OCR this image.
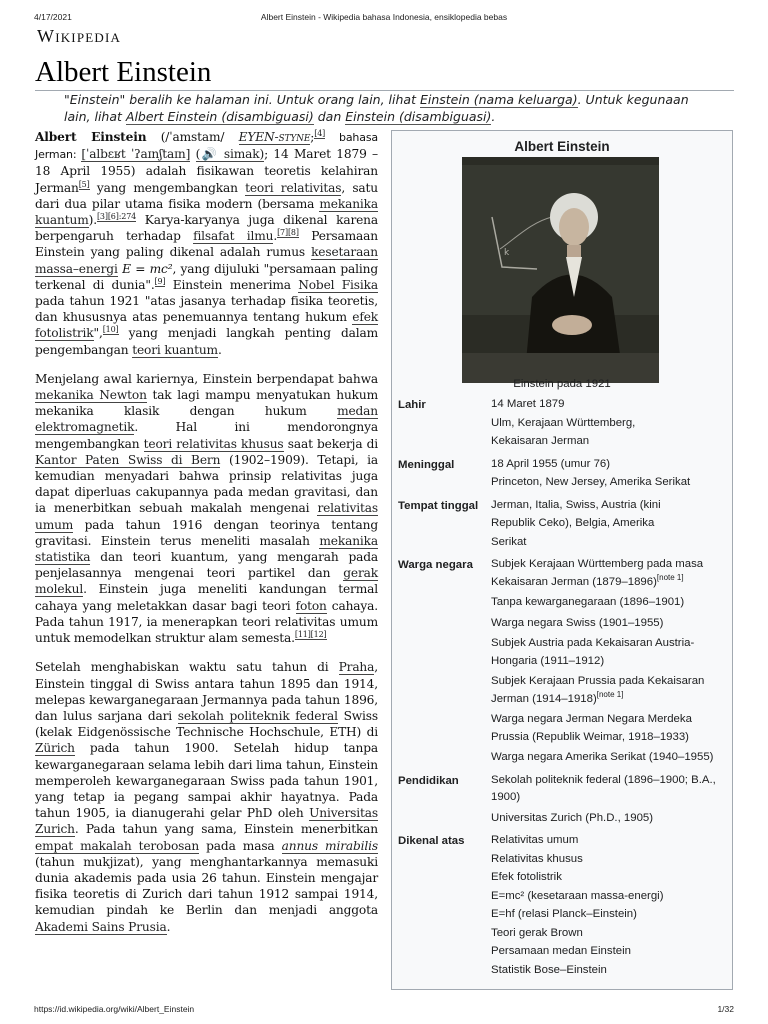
4/17/2021	Albert Einstein - Wikipedia bahasa Indonesia, ensiklopedia bebas
Wikipedia
Albert Einstein
"Einstein" beralih ke halaman ini. Untuk orang lain, lihat Einstein (nama keluarga). Untuk kegunaan lain, lihat Albert Einstein (disambiguasi) dan Einstein (disambiguasi).

Albert Einstein (/ˈamstam/ EYEN-styne;[4] bahasa Jerman: [ˈalbɛʁt ˈʔaɪnʃtaɪn] (🔊 simak); 14 Maret 1879 – 18 April 1955) adalah fisikawan teoretis kelahiran Jerman[5] yang mengembangkan teori relativitas, satu dari dua pilar utama fisika modern (bersama mekanika kuantum).$^{[3][6]:274}$ Karya-karyanya juga dikenal karena berpengaruh terhadap filsafat ilmu.[7][8] Persamaan Einstein yang paling dikenal adalah rumus kesetaraan massa–energi E = mc², yang dijuluki "persamaan paling terkenal di dunia".[9] Einstein menerima Nobel Fisika pada tahun 1921 "atas jasanya terhadap fisika teoretis, dan khususnya atas penemuannya tentang hukum efek fotolistrik",[10] yang menjadi langkah penting dalam pengembangan teori kuantum.

Menjelang awal kariernya, Einstein berpendapat bahwa mekanika Newton tak lagi mampu menyatukan hukum mekanika klasik dengan hukum medan elektromagnetik. Hal ini mendorongnya mengembangkan teori relativitas khusus saat bekerja di Kantor Paten Swiss di Bern (1902–1909). Tetapi, ia kemudian menyadari bahwa prinsip relativitas juga dapat diperluas cakupannya pada medan gravitasi, dan ia menerbitkan sebuah makalah mengenai relativitas umum pada tahun 1916 dengan teorinya tentang gravitasi. Einstein terus meneliti masalah mekanika statistika dan teori kuantum, yang mengarah pada penjelasannya mengenai teori partikel dan gerak molekul. Einstein juga meneliti kandungan termal cahaya yang meletakkan dasar bagi teori foton cahaya. Pada tahun 1917, ia menerapkan teori relativitas umum untuk memodelkan struktur alam semesta.[11][12]

Setelah menghabiskan waktu satu tahun di Praha, Einstein tinggal di Swiss antara tahun 1895 dan 1914, melepas kewarganegaraan Jermannya pada tahun 1896, dan lulus sarjana dari sekolah politeknik federal Swiss (kelak Eidgenössische Technische Hochschule, ETH) di Zürich pada tahun 1900. Setelah hidup tanpa kewarganegaraan selama lebih dari lima tahun, Einstein memperoleh kewarganegaraan Swiss pada tahun 1901, yang tetap ia pegang sampai akhir hayatnya. Pada tahun 1905, ia dianugerahi gelar PhD oleh Universitas Zurich. Pada tahun yang sama, Einstein menerbitkan empat makalah terobosan pada masa annus mirabilis (tahun mukjizat), yang menghantarkannya memasuki dunia akademis pada usia 26 tahun. Einstein mengajar fisika teoretis di Zurich dari tahun 1912 sampai 1914, kemudian pindah ke Berlin dan menjadi anggota Akademi Sains Prusia.

Albert Einstein
k
Einstein pada 1921
Lahir	14 Maret 1879
Ulm, Kerajaan Württemberg,
Kekaisaran Jerman
Meninggal	18 April 1955 (umur 76)
Princeton, New Jersey, Amerika Serikat
Tempat tinggal	Jerman, Italia, Swiss, Austria (kini
Republik Ceko), Belgia, Amerika
Serikat
Warga negara	Subjek Kerajaan Württemberg pada masa Kekaisaran Jerman (1879–1896)[note 1]
Tanpa kewarganegaraan (1896–1901)
Warga negara Swiss (1901–1955)
Subjek Austria pada Kekaisaran Austria-Hongaria (1911–1912)
Subjek Kerajaan Prussia pada Kekaisaran Jerman (1914–1918)[note 1]
Warga negara Jerman Negara Merdeka Prussia (Republik Weimar, 1918–1933)
Warga negara Amerika Serikat (1940–1955)
Pendidikan	Sekolah politeknik federal (1896–1900; B.A., 1900)
Universitas Zurich (Ph.D., 1905)
Dikenal atas	Relativitas umum
Relativitas khusus
Efek fotolistrik
E=mc² (kesetaraan massa-energi)
E=hf (relasi Planck–Einstein)
Teori gerak Brown
Persamaan medan Einstein
Statistik Bose–Einstein
https://id.wikipedia.org/wiki/Albert_Einstein	1/32
